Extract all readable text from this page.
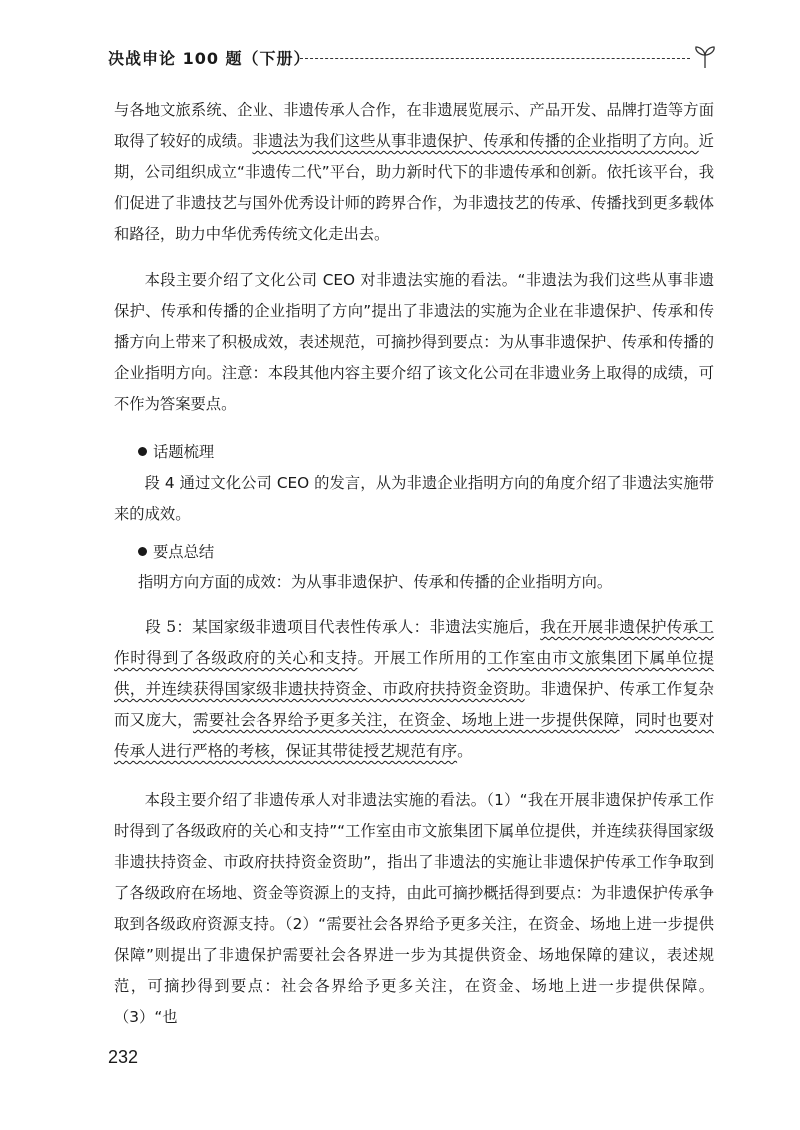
决战申论 100 题（下册）
与各地文旅系统、企业、非遗传承人合作，在非遗展览展示、产品开发、品牌打造等方面取得了较好的成绩。非遗法为我们这些从事非遗保护、传承和传播的企业指明了方向。近期，公司组织成立“非遗传二代”平台，助力新时代下的非遗传承和创新。依托该平台，我们促进了非遗技艺与国外优秀设计师的跨界合作，为非遗技艺的传承、传播找到更多载体和路径，助力中华优秀传统文化走出去。
本段主要介绍了文化公司 CEO 对非遗法实施的看法。“非遗法为我们这些从事非遗保护、传承和传播的企业指明了方向”提出了非遗法的实施为企业在非遗保护、传承和传播方向上带来了积极成效，表述规范，可摘抄得到要点：为从事非遗保护、传承和传播的企业指明方向。注意：本段其他内容主要介绍了该文化公司在非遗业务上取得的成绩，可不作为答案要点。
话题梳理
段 4 通过文化公司 CEO 的发言，从为非遗企业指明方向的角度介绍了非遗法实施带来的成效。
要点总结
指明方向方面的成效：为从事非遗保护、传承和传播的企业指明方向。
段 5：某国家级非遗项目代表性传承人：非遗法实施后，我在开展非遗保护传承工作时得到了各级政府的关心和支持。开展工作所用的工作室由市文旅集团下属单位提供，并连续获得国家级非遗扶持资金、市政府扶持资金资助。非遗保护、传承工作复杂而又庞大，需要社会各界给予更多关注，在资金、场地上进一步提供保障，同时也要对传承人进行严格的考核，保证其带徒授艺规范有序。
本段主要介绍了非遗传承人对非遗法实施的看法。（1）“我在开展非遗保护传承工作时得到了各级政府的关心和支持”“工作室由市文旅集团下属单位提供，并连续获得国家级非遗扶持资金、市政府扶持资金资助”，指出了非遗法的实施让非遗保护传承工作争取到了各级政府在场地、资金等资源上的支持，由此可摘抄概括得到要点：为非遗保护传承争取到各级政府资源支持。（2）“需要社会各界给予更多关注，在资金、场地上进一步提供保障”则提出了非遗保护需要社会各界进一步为其提供资金、场地保障的建议，表述规范，可摘抄得到要点：社会各界给予更多关注，在资金、场地上进一步提供保障。（3）“也
232
